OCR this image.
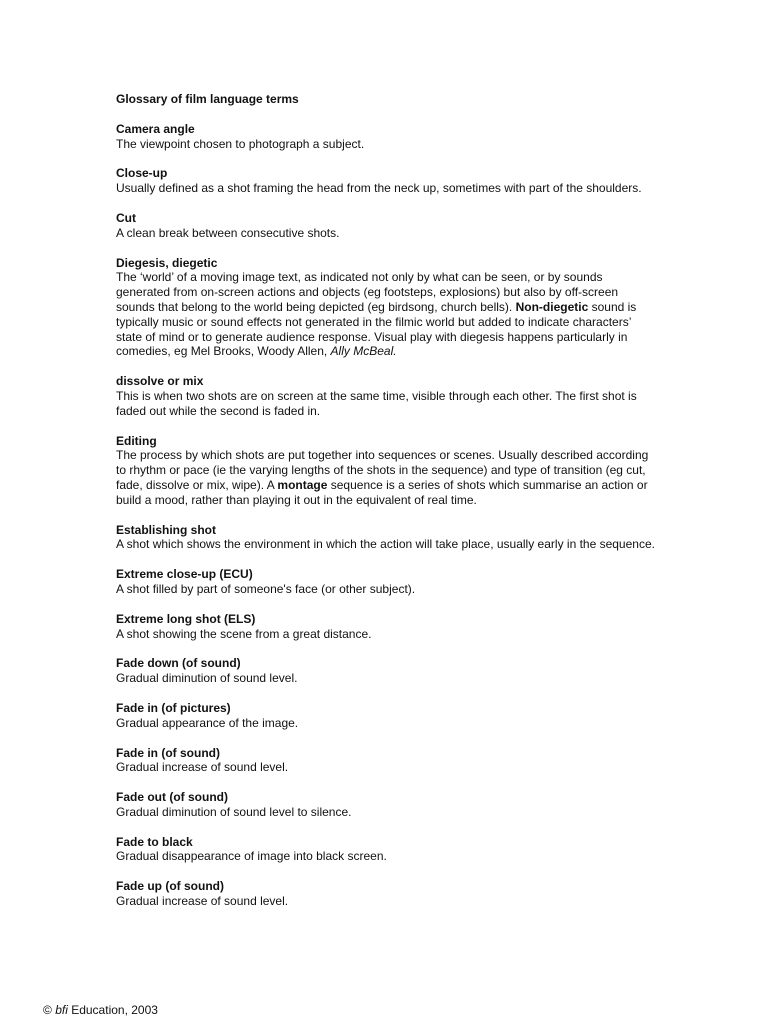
Glossary of film language terms
Camera angle
The viewpoint chosen to photograph a subject.
Close-up
Usually defined as a shot framing the head from the neck up, sometimes with part of the shoulders.
Cut
A clean break between consecutive shots.
Diegesis, diegetic
The ‘world’ of a moving image text, as indicated not only by what can be seen, or by sounds generated from on-screen actions and objects (eg footsteps, explosions) but also by off-screen sounds that belong to the world being depicted (eg birdsong, church bells). Non-diegetic sound is typically music or sound effects not generated in the filmic world but added to indicate characters’ state of mind or to generate audience response. Visual play with diegesis happens particularly in comedies, eg Mel Brooks, Woody Allen, Ally McBeal.
dissolve or mix
This is when two shots are on screen at the same time, visible through each other. The first shot is faded out while the second is faded in.
Editing
The process by which shots are put together into sequences or scenes. Usually described according to rhythm or pace (ie the varying lengths of the shots in the sequence) and type of transition (eg cut, fade, dissolve or mix, wipe). A montage sequence is a series of shots which summarise an action or build a mood, rather than playing it out in the equivalent of real time.
Establishing shot
A shot which shows the environment in which the action will take place, usually early in the sequence.
Extreme close-up (ECU)
A shot filled by part of someone's face (or other subject).
Extreme long shot (ELS)
A shot showing the scene from a great distance.
Fade down (of sound)
Gradual diminution of sound level.
Fade in (of pictures)
Gradual appearance of the image.
Fade in (of sound)
Gradual increase of sound level.
Fade out (of sound)
Gradual diminution of sound level to silence.
Fade to black
Gradual disappearance of image into black screen.
Fade up (of sound)
Gradual increase of sound level.
© bfi Education, 2003
